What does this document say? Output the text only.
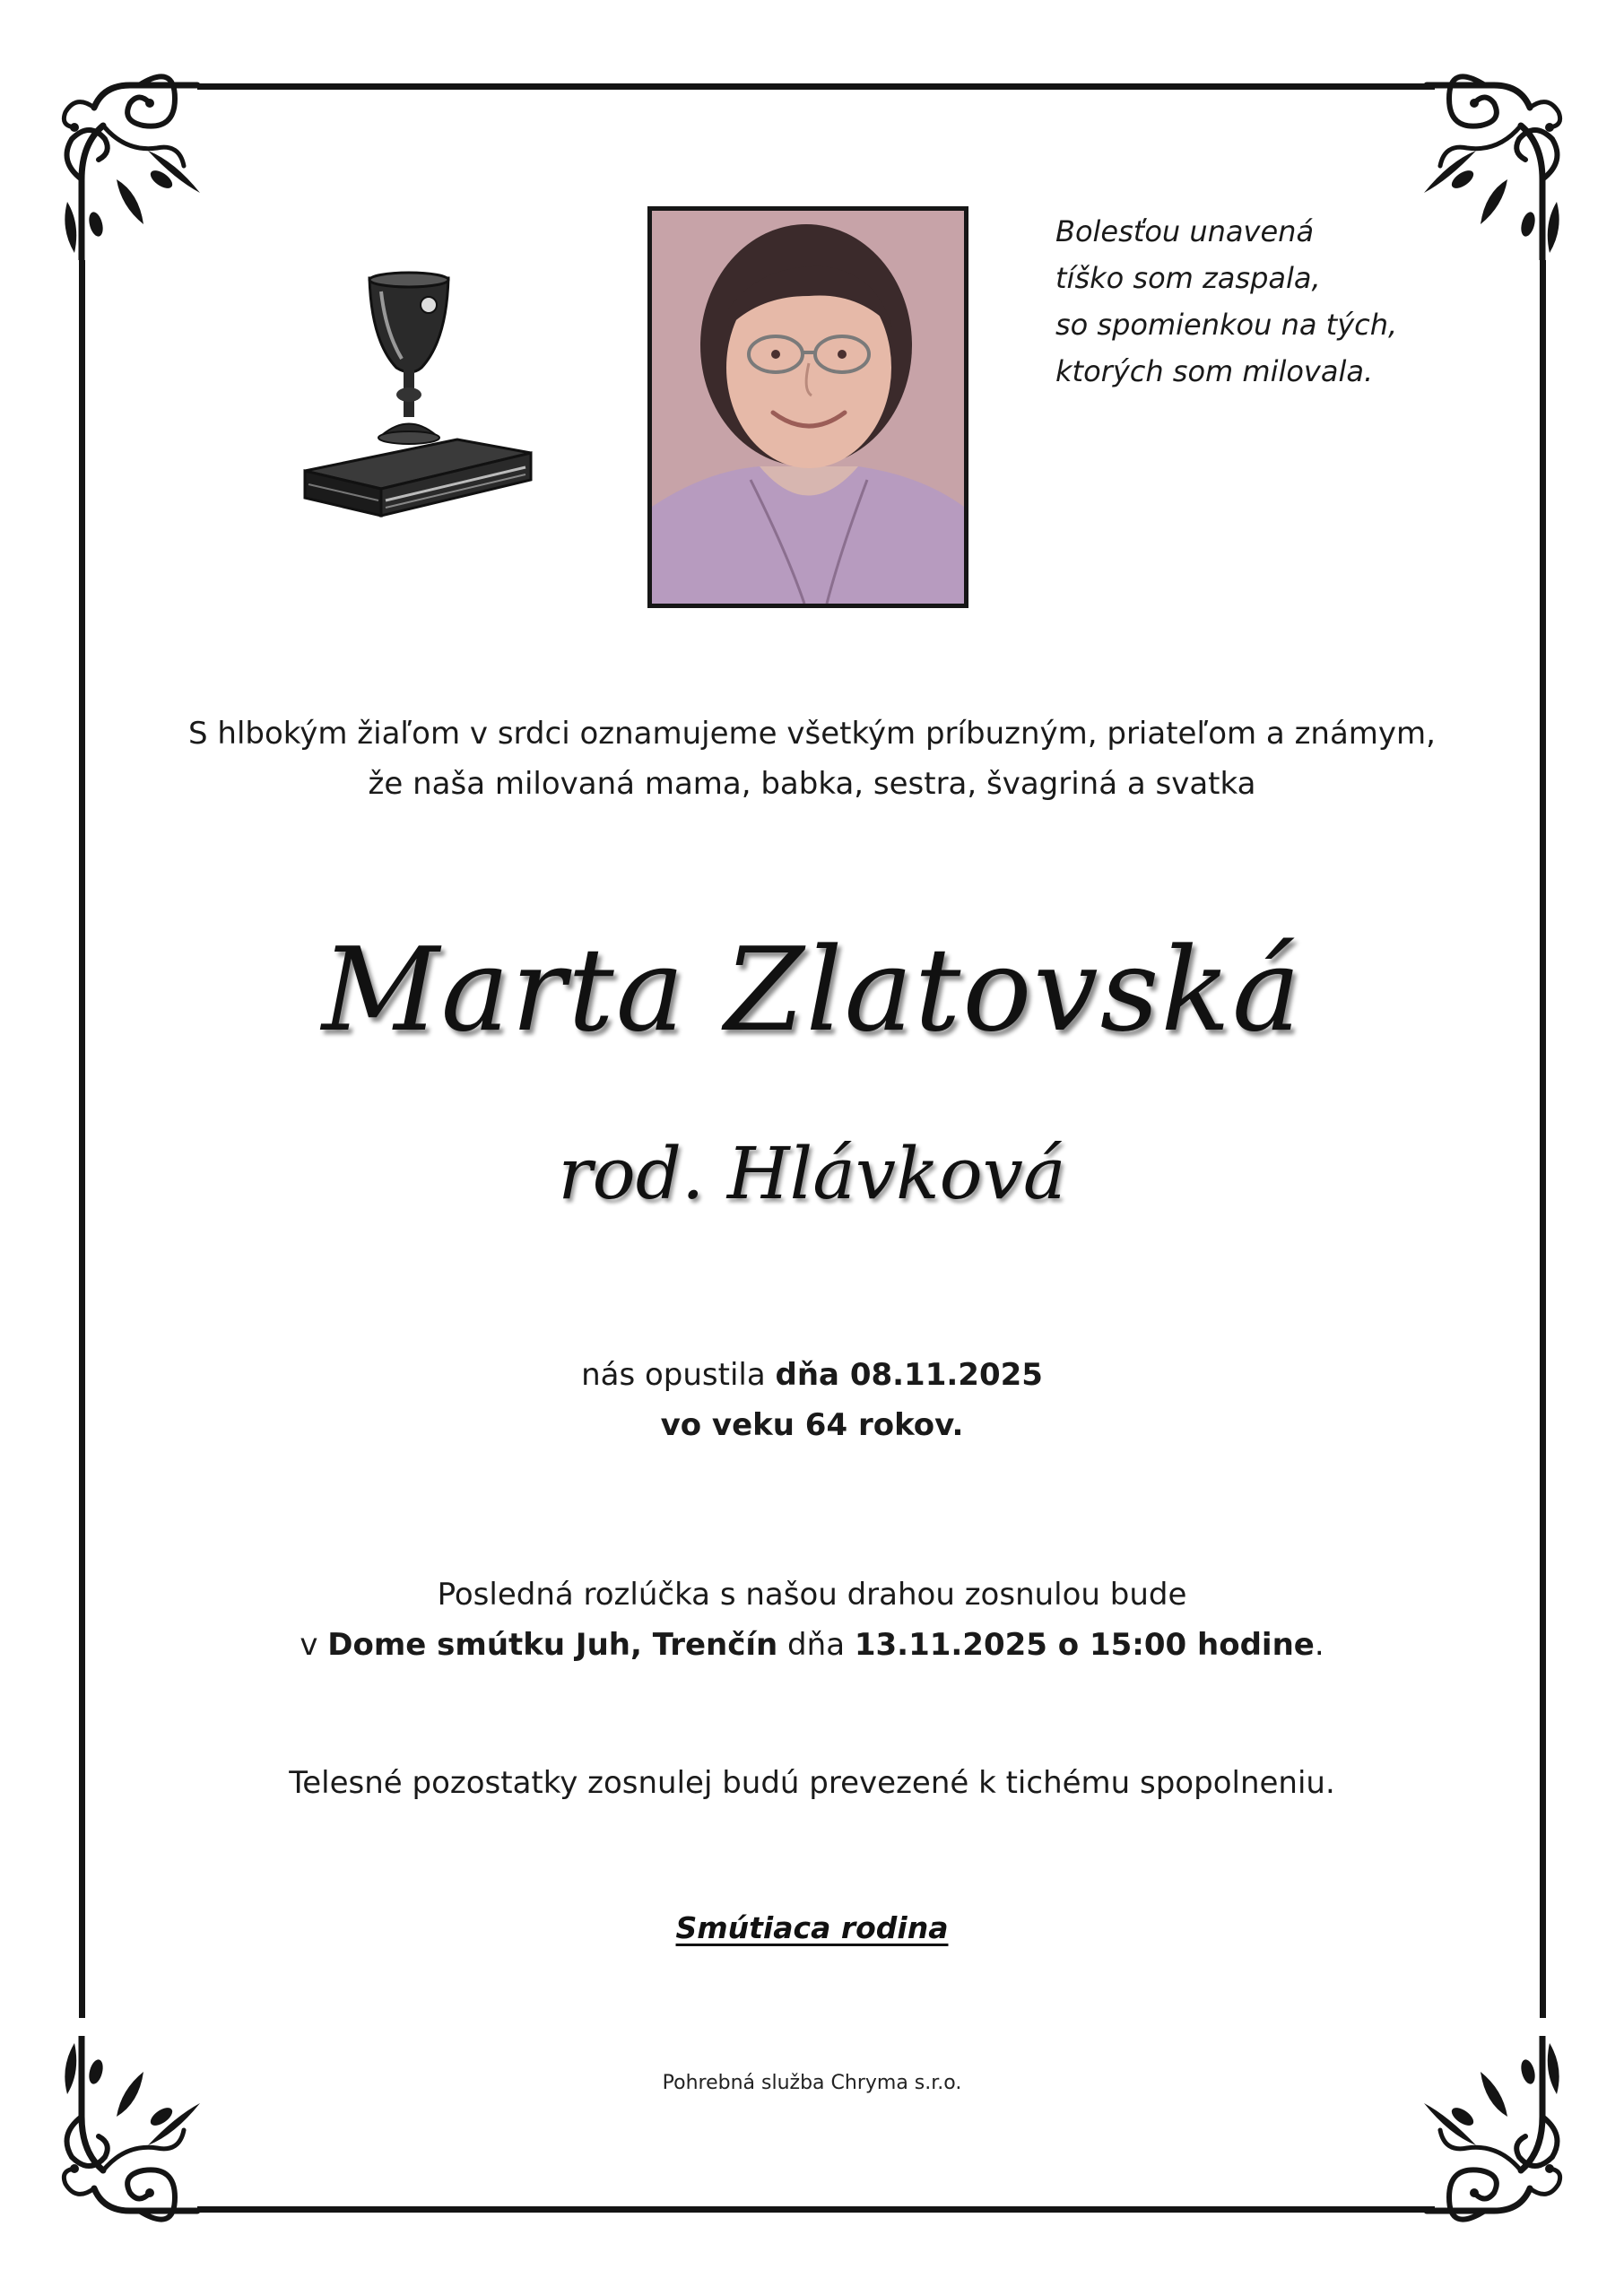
Bolesťou unavená
tíško som zaspala,
so spomienkou na tých,
ktorých som milovala.
S hlbokým žiaľom v srdci oznamujeme všetkým príbuzným, priateľom a známym,
že naša milovaná mama, babka, sestra, švagriná a svatka
Marta Zlatovská
rod. Hlávková
nás opustila dňa 08.11.2025
vo veku 64 rokov.
Posledná rozlúčka s našou drahou zosnulou bude
v Dome smútku Juh, Trenčín dňa 13.11.2025 o 15:00 hodine.
Telesné pozostatky zosnulej budú prevezené k tichému spopolneniu.
Smútiaca rodina
Pohrebná služba Chryma s.r.o.
